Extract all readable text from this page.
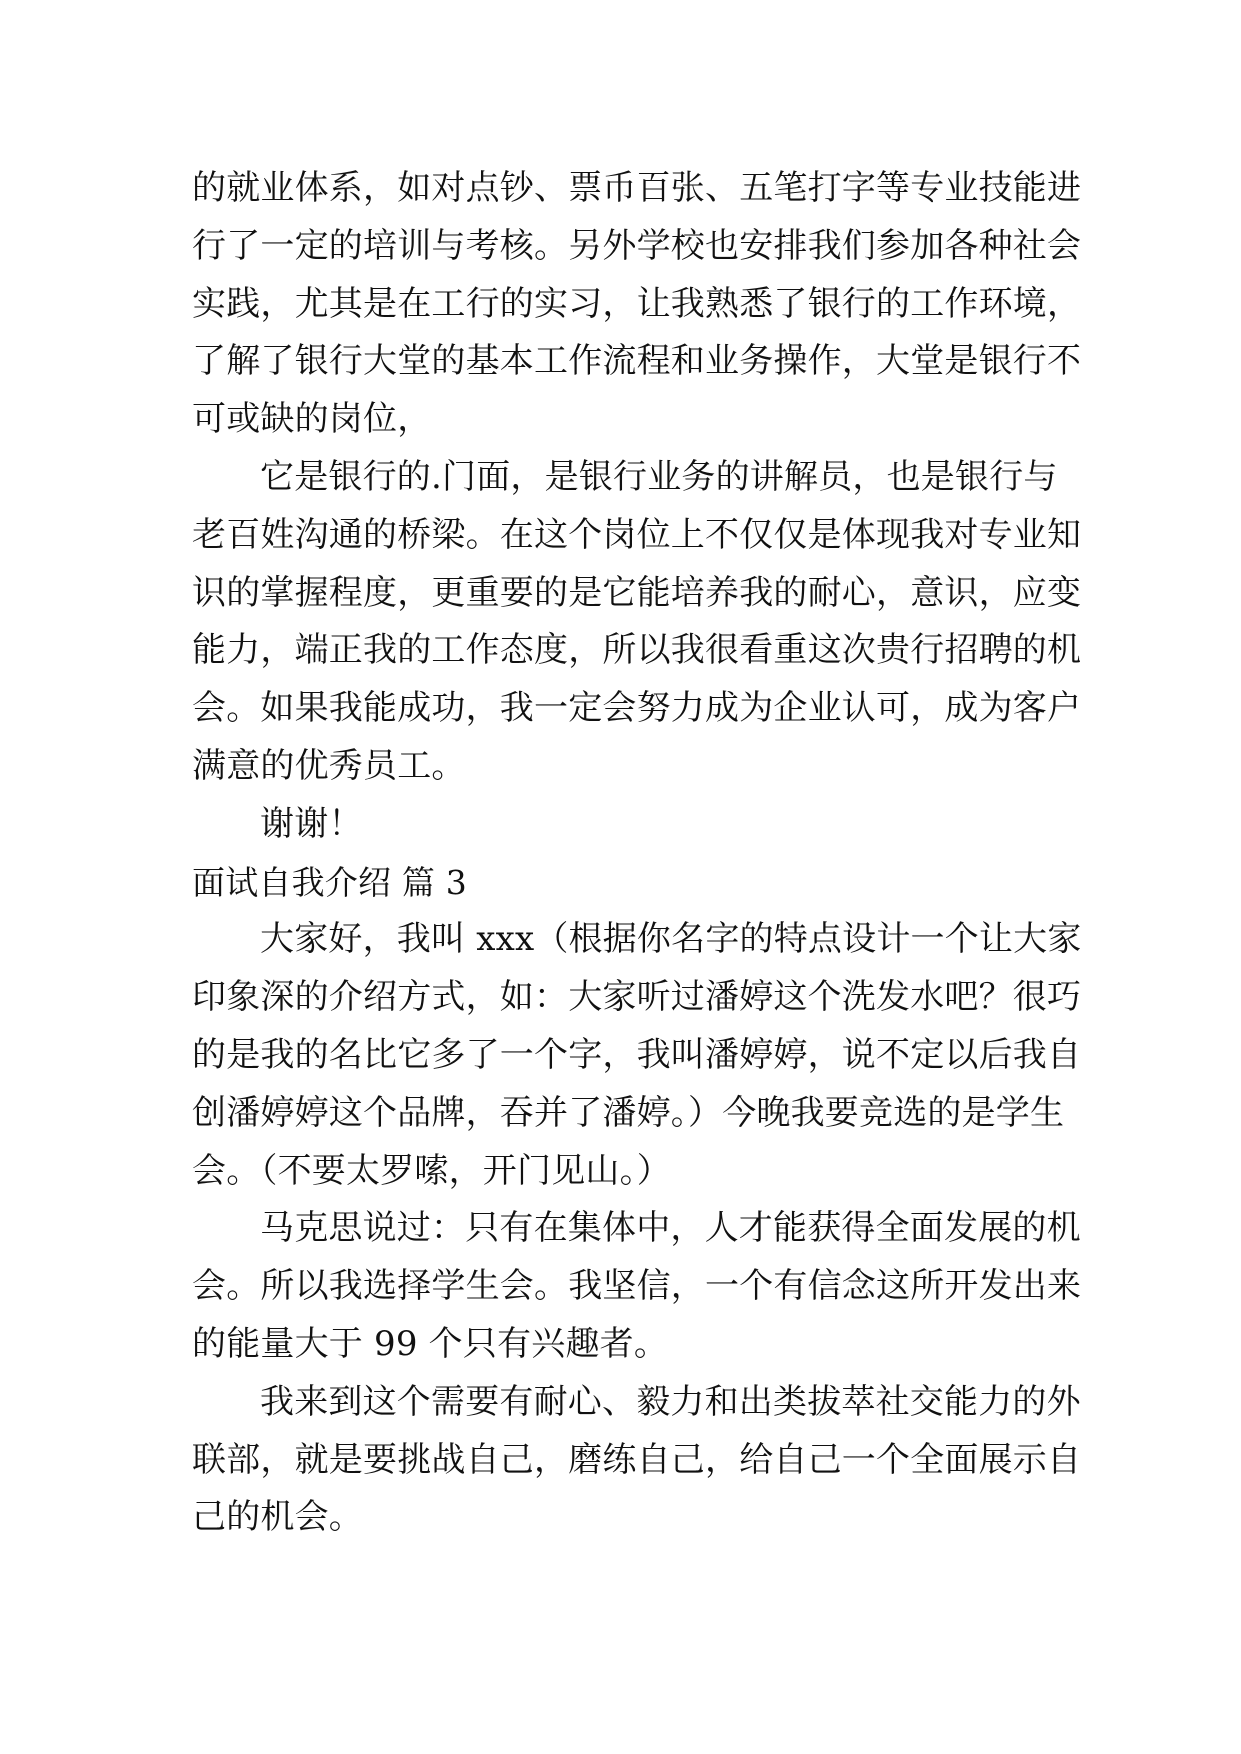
的就业体系，如对点钞、票币百张、五笔打字等专业技能进
行了一定的培训与考核。另外学校也安排我们参加各种社会
实践，尤其是在工行的实习，让我熟悉了银行的工作环境，
了解了银行大堂的基本工作流程和业务操作，大堂是银行不
可或缺的岗位，
它是银行的.门面，是银行业务的讲解员，也是银行与
老百姓沟通的桥梁。在这个岗位上不仅仅是体现我对专业知
识的掌握程度，更重要的是它能培养我的耐心，意识，应变
能力，端正我的工作态度，所以我很看重这次贵行招聘的机
会。如果我能成功，我一定会努力成为企业认可，成为客户
满意的优秀员工。
谢谢！
面试自我介绍 篇 3
大家好，我叫 xxx（根据你名字的特点设计一个让大家
印象深的介绍方式，如：大家听过潘婷这个洗发水吧？很巧
的是我的名比它多了一个字，我叫潘婷婷，说不定以后我自
创潘婷婷这个品牌，吞并了潘婷。）今晚我要竞选的是学生
会。（不要太罗嗦，开门见山。）
马克思说过：只有在集体中，人才能获得全面发展的机
会。所以我选择学生会。我坚信，一个有信念这所开发出来
的能量大于 99 个只有兴趣者。
我来到这个需要有耐心、毅力和出类拔萃社交能力的外
联部，就是要挑战自己，磨练自己，给自己一个全面展示自
己的机会。
